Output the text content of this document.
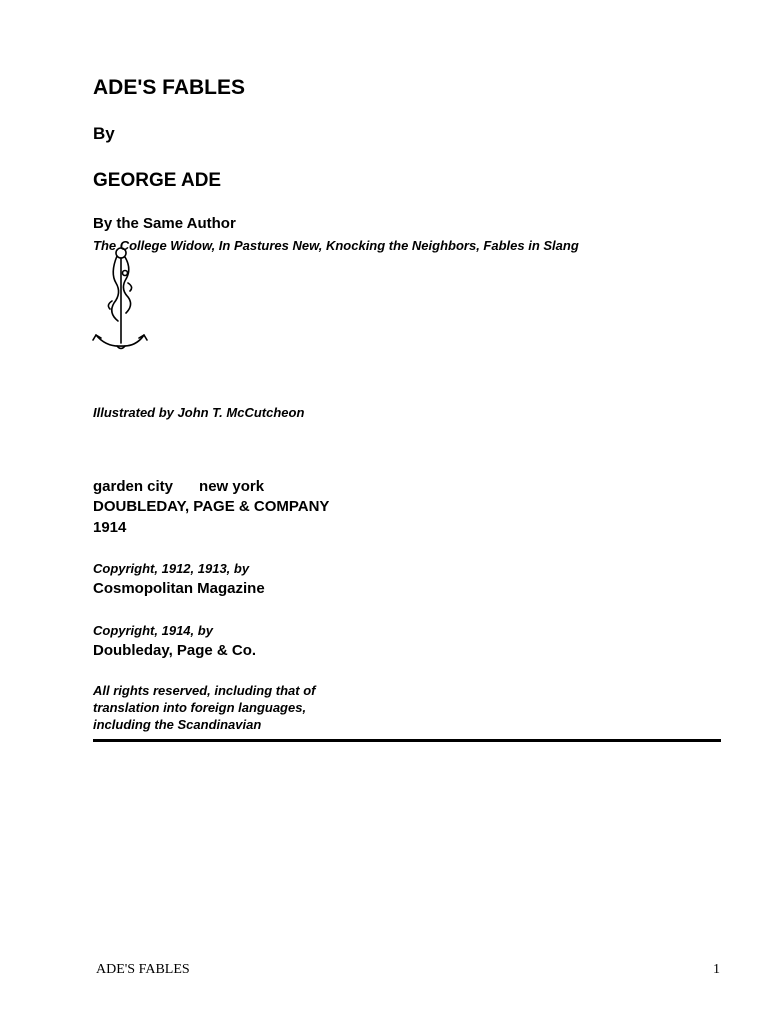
ADE'S FABLES
By
GEORGE ADE
By the Same Author
The College Widow, In Pastures New, Knocking the Neighbors, Fables in Slang
Illustrated by John T. McCutcheon
garden city new york
DOUBLEDAY, PAGE & COMPANY
1914
Copyright, 1912, 1913, by
Cosmopolitan Magazine
Copyright, 1914, by
Doubleday, Page & Co.
All rights reserved, including that of
translation into foreign languages,
including the Scandinavian
ADE'S FABLES	1
